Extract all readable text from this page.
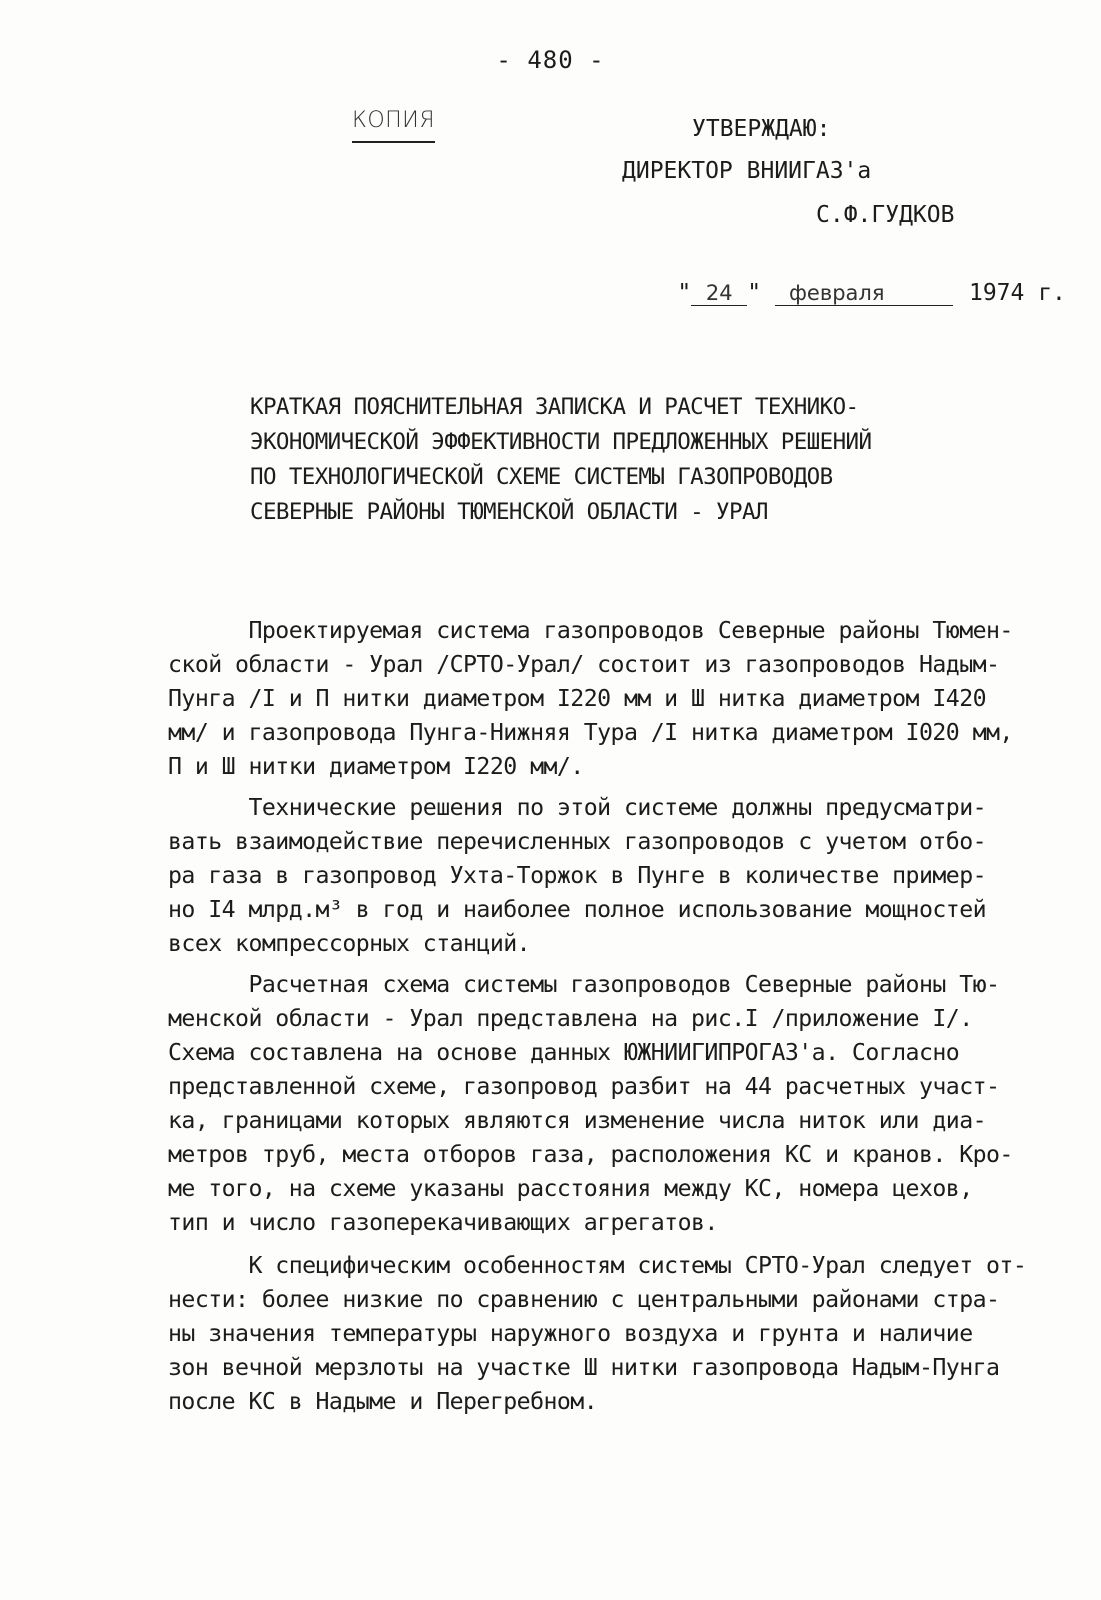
- 480 -
КОПИЯ	УТВЕРЖДАЮ:
ДИРЕКТОР ВНИИГАЗ'а
С.Ф.ГУДКОВ

" 24 " февраля	1974 г.

КРАТКАЯ ПОЯСНИТЕЛЬНАЯ ЗАПИСКА И РАСЧЕТ ТЕХНИКО-
ЭКОНОМИЧЕСКОЙ ЭФФЕКТИВНОСТИ ПРЕДЛОЖЕННЫХ РЕШЕНИЙ
ПО ТЕХНОЛОГИЧЕСКОЙ СХЕМЕ СИСТЕМЫ ГАЗОПРОВОДОВ
СЕВЕРНЫЕ РАЙОНЫ ТЮМЕНСКОЙ ОБЛАСТИ - УРАЛ
Проектируемая система газопроводов Северные районы Тюмен-
ской области - Урал /СРТО-Урал/ состоит из газопроводов Надым-
Пунга /I и П нитки диаметром I220 мм и Ш нитка диаметром I420
мм/ и газопровода Пунга-Нижняя Тура /I нитка диаметром I020 мм,
П и Ш нитки диаметром I220 мм/.
Технические решения по этой системе должны предусматри-
вать взаимодействие перечисленных газопроводов с учетом отбо-
ра газа в газопровод Ухта-Торжок в Пунге в количестве пример-
но I4 млрд.м³ в год и наиболее полное использование мощностей
всех компрессорных станций.
Расчетная схема системы газопроводов Северные районы Тю-
менской области - Урал представлена на рис.I /приложение I/.
Схема составлена на основе данных ЮЖНИИГИПРОГАЗ'а. Согласно
представленной схеме, газопровод разбит на 44 расчетных участ-
ка, границами которых являются изменение числа ниток или диа-
метров труб, места отборов газа, расположения КС и кранов. Кро-
ме того, на схеме указаны расстояния между КС, номера цехов,
тип и число газоперекачивающих агрегатов.
К специфическим особенностям системы СРТО-Урал следует от-
нести: более низкие по сравнению с центральными районами стра-
ны значения температуры наружного воздуха и грунта и наличие
зон вечной мерзлоты на участке Ш нитки газопровода Надым-Пунга
после КС в Надыме и Перегребном.
